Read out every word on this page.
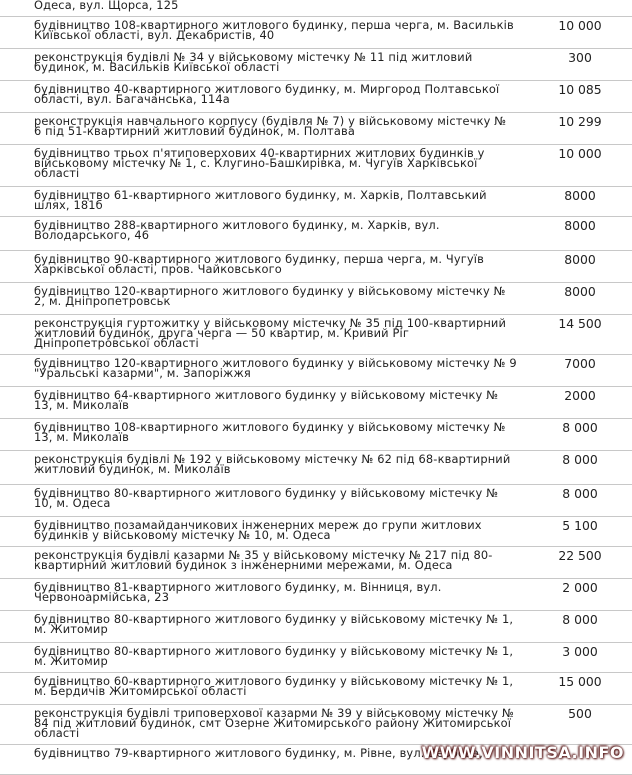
Одеса, вул. Щорса, 125
будівництво 108-квартирного житлового будинку, перша черга, м. Васильків
Київської області, вул. Декабристів, 40
10 000
реконструкція будівлі № 34 у військовому містечку № 11 під житловий
будинок, м. Васильків Київської області
300
будівництво 40-квартирного житлового будинку, м. Миргород Полтавської
області, вул. Багачанська, 114а
10 085
реконструкція навчального корпусу (будівля № 7) у військовому містечку №
6 під 51-квартирний житловий будинок, м. Полтава
10 299
будівництво трьох п'ятиповерхових 40-квартирних житлових будинків у
військовому містечку № 1, с. Клугино-Башкирівка, м. Чугуїв Харківської
області
10 000
будівництво 61-квартирного житлового будинку, м. Харків, Полтавський
шлях, 181б
8000
будівництво 288-квартирного житлового будинку, м. Харків, вул.
Володарського, 46
8000
будівництво 90-квартирного житлового будинку, перша черга, м. Чугуїв
Харківської області, пров. Чайковського
8000
будівництво 120-квартирного житлового будинку у військовому містечку №
2, м. Дніпропетровськ
8000
реконструкція гуртожитку у військовому містечку № 35 під 100-квартирний
житловий будинок, друга черга — 50 квартир, м. Кривий Ріг
Дніпропетровської області
14 500
будівництво 120-квартирного житлового будинку у військовому містечку № 9
"Уральські казарми", м. Запоріжжя
7000
будівництво 64-квартирного житлового будинку у військовому містечку №
13, м. Миколаїв
2000
будівництво 108-квартирного житлового будинку у військовому містечку №
13, м. Миколаїв
8 000
реконструкція будівлі № 192 у військовому містечку № 62 під 68-квартирний
житловий будинок, м. Миколаїв
8 000
будівництво 80-квартирного житлового будинку у військовому містечку №
10, м. Одеса
8 000
будівництво позамайданчикових інженерних мереж до групи житлових
будинків у військовому містечку № 10, м. Одеса
5 100
реконструкція будівлі казарми № 35 у військовому містечку № 217 під 80-
квартирний житловий будинок з інженерними мережами, м. Одеса
22 500
будівництво 81-квартирного житлового будинку, м. Вінниця, вул.
Червоноармійська, 23
2 000
будівництво 80-квартирного житлового будинку у військовому містечку № 1,
м. Житомир
8 000
будівництво 80-квартирного житлового будинку у військовому містечку № 1,
м. Житомир
3 000
будівництво 60-квартирного житлового будинку у військовому містечку № 1,
м. Бердичів Житомирської області
15 000
реконструкція будівлі триповерхової казарми № 39 у військовому містечку №
84 під житловий будинок, смт Озерне Житомирського району Житомирської
області
500
будівництво 79-квартирного житлового будинку, м. Рівне, вул. Вербова,
WWW.VINNITSA.INFO
